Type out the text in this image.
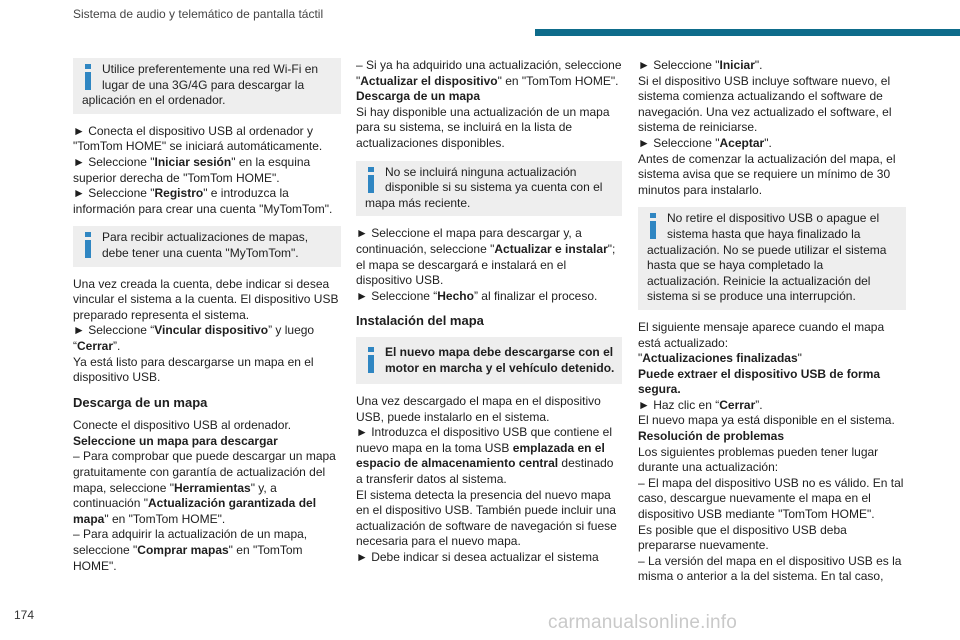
Sistema de audio y telemático de pantalla táctil
Utilice preferentemente una red Wi-Fi en lugar de una 3G/4G para descargar la aplicación en el ordenador.

► Conecta el dispositivo USB al ordenador y "TomTom HOME" se iniciará automáticamente.
► Seleccione "Iniciar sesión" en la esquina superior derecha de "TomTom HOME".
► Seleccione "Registro" e introduzca la información para crear una cuenta "MyTomTom".

Para recibir actualizaciones de mapas, debe tener una cuenta "MyTomTom".

Una vez creada la cuenta, debe indicar si desea vincular el sistema a la cuenta. El dispositivo USB preparado representa el sistema.
► Seleccione “Vincular dispositivo” y luego “Cerrar”.
Ya está listo para descargarse un mapa en el dispositivo USB.

Descarga de un mapa

Conecte el dispositivo USB al ordenador.
Seleccione un mapa para descargar
– Para comprobar que puede descargar un mapa gratuitamente con garantía de actualización del mapa, seleccione "Herramientas" y, a continuación "Actualización garantizada del mapa" en "TomTom HOME".
– Para adquirir la actualización de un mapa, seleccione "Comprar mapas" en "TomTom HOME".

– Si ya ha adquirido una actualización, seleccione "Actualizar el dispositivo" en "TomTom HOME".

Descarga de un mapa
Si hay disponible una actualización de un mapa para su sistema, se incluirá en la lista de actualizaciones disponibles.

No se incluirá ninguna actualización disponible si su sistema ya cuenta con el mapa más reciente.

► Seleccione el mapa para descargar y, a continuación, seleccione "Actualizar e instalar"; el mapa se descargará e instalará en el dispositivo USB.
► Seleccione “Hecho” al finalizar el proceso.

Instalación del mapa
El nuevo mapa debe descargarse con el motor en marcha y el vehículo detenido.

Una vez descargado el mapa en el dispositivo USB, puede instalarlo en el sistema.
► Introduzca el dispositivo USB que contiene el nuevo mapa en la toma USB emplazada en el espacio de almacenamiento central destinado a transferir datos al sistema.

El sistema detecta la presencia del nuevo mapa en el dispositivo USB. También puede incluir una actualización de software de navegación si fuese necesaria para el nuevo mapa.
► Debe indicar si desea actualizar el sistema

► Seleccione "Iniciar".

Si el dispositivo USB incluye software nuevo, el sistema comienza actualizando el software de navegación. Una vez actualizado el software, el sistema de reiniciarse.
► Seleccione "Aceptar".
Antes de comenzar la actualización del mapa, el sistema avisa que se requiere un mínimo de 30 minutos para instalarlo.

No retire el dispositivo USB o apague el sistema hasta que haya finalizado la actualización. No se puede utilizar el sistema hasta que se haya completado la actualización. Reinicie la actualización del sistema si se produce una interrupción.

El siguiente mensaje aparece cuando el mapa está actualizado:
"Actualizaciones finalizadas"

Puede extraer el dispositivo USB de forma segura.
► Haz clic en “Cerrar”.

El nuevo mapa ya está disponible en el sistema.
Resolución de problemas
Los siguientes problemas pueden tener lugar durante una actualización:
– El mapa del dispositivo USB no es válido. En tal caso, descargue nuevamente el mapa en el dispositivo USB mediante "TomTom HOME".
Es posible que el dispositivo USB deba prepararse nuevamente.
– La versión del mapa en el dispositivo USB es la misma o anterior a la del sistema. En tal caso,

174	carmanualsonline.info
